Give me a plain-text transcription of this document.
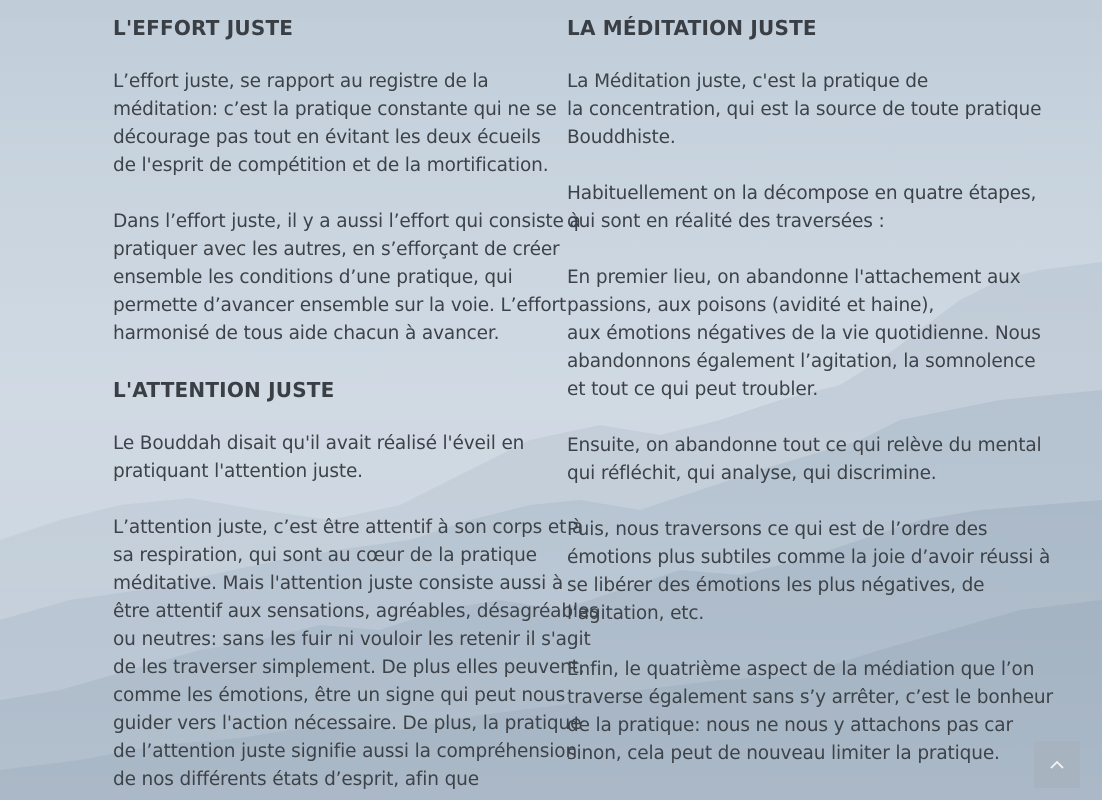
L'EFFORT JUSTE

L’effort juste, se rapport au registre de la
méditation: c’est la pratique constante qui ne se
décourage pas tout en évitant les deux écueils
de l'esprit de compétition et de la mortification.

Dans l’effort juste, il y a aussi l’effort qui consiste à
pratiquer avec les autres, en s’efforçant de créer
ensemble les conditions d’une pratique, qui
permette d’avancer ensemble sur la voie. L’effort
harmonisé de tous aide chacun à avancer.

L'ATTENTION JUSTE

Le Bouddah disait qu'il avait réalisé l'éveil en
pratiquant l'attention juste.

L’attention juste, c’est être attentif à son corps et à
sa respiration, qui sont au cœur de la pratique
méditative. Mais l'attention juste consiste aussi à
être attentif aux sensations, agréables, désagréables
ou neutres: sans les fuir ni vouloir les retenir il s'agit
de les traverser simplement. De plus elles peuvent,
comme les émotions, être un signe qui peut nous
guider vers l'action nécessaire. De plus, la pratique
de l’attention juste signifie aussi la compréhension
de nos différents états d’esprit, afin que

LA MÉDITATION JUSTE

La Méditation juste, c'est la pratique de
la concentration, qui est la source de toute pratique
Bouddhiste.

Habituellement on la décompose en quatre étapes,
qui sont en réalité des traversées :

En premier lieu, on abandonne l'attachement aux
passions, aux poisons (avidité et haine),
aux émotions négatives de la vie quotidienne. Nous
abandonnons également l’agitation, la somnolence
et tout ce qui peut troubler.

Ensuite, on abandonne tout ce qui relève du mental
qui réfléchit, qui analyse, qui discrimine.

Puis, nous traversons ce qui est de l’ordre des
émotions plus subtiles comme la joie d’avoir réussi à
se libérer des émotions les plus négatives, de
l’agitation, etc.

Enfin, le quatrième aspect de la médiation que l’on
traverse également sans s’y arrêter, c’est le bonheur
de la pratique: nous ne nous y attachons pas car
sinon, cela peut de nouveau limiter la pratique.
